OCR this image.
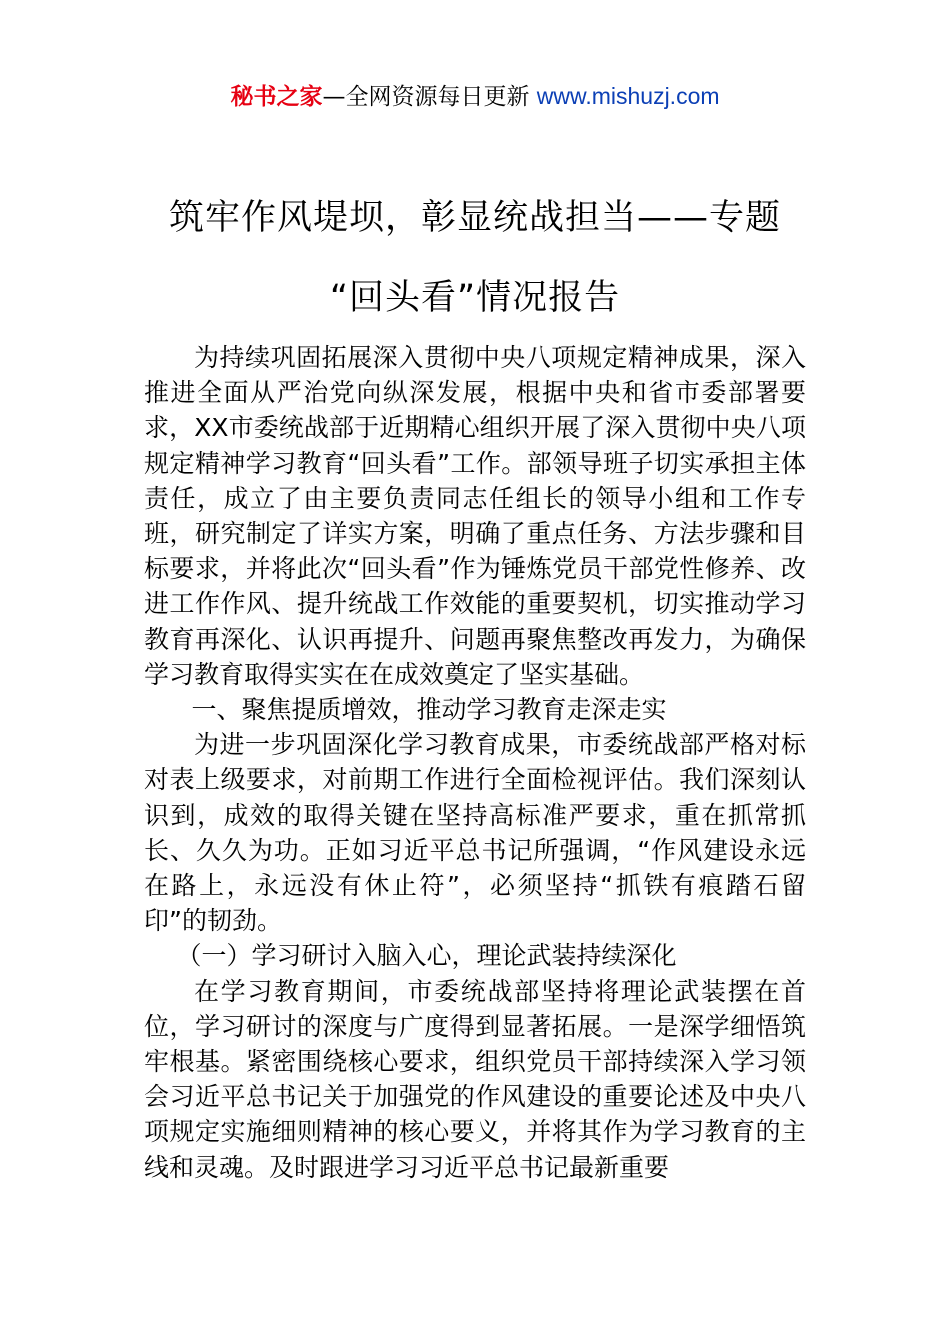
秘书之家—全网资源每日更新 www.mishuzj.com
筑牢作风堤坝，彰显统战担当——专题
“回头看”情况报告

为持续巩固拓展深入贯彻中央八项规定精神成果，深入推进全面从严治党向纵深发展，根据中央和省市委部署要求，XX市委统战部于近期精心组织开展了深入贯彻中央八项规定精神学习教育“回头看”工作。部领导班子切实承担主体责任，成立了由主要负责同志任组长的领导小组和工作专班，研究制定了详实方案，明确了重点任务、方法步骤和目标要求，并将此次“回头看”作为锤炼党员干部党性修养、改进工作作风、提升统战工作效能的重要契机，切实推动学习教育再深化、认识再提升、问题再聚焦整改再发力，为确保学习教育取得实实在在成效奠定了坚实基础。

一、聚焦提质增效，推动学习教育走深走实

为进一步巩固深化学习教育成果，市委统战部严格对标对表上级要求，对前期工作进行全面检视评估。我们深刻认识到，成效的取得关键在坚持高标准严要求，重在抓常抓长、久久为功。正如习近平总书记所强调，“作风建设永远在路上，永远没有休止符”，必须坚持“抓铁有痕踏石留印”的韧劲。

（一）学习研讨入脑入心，理论武装持续深化

在学习教育期间，市委统战部坚持将理论武装摆在首位，学习研讨的深度与广度得到显著拓展。一是深学细悟筑牢根基。紧密围绕核心要求，组织党员干部持续深入学习领会习近平总书记关于加强党的作风建设的重要论述及中央八项规定实施细则精神的核心要义，并将其作为学习教育的主线和灵魂。及时跟进学习习近平总书记最新重要
